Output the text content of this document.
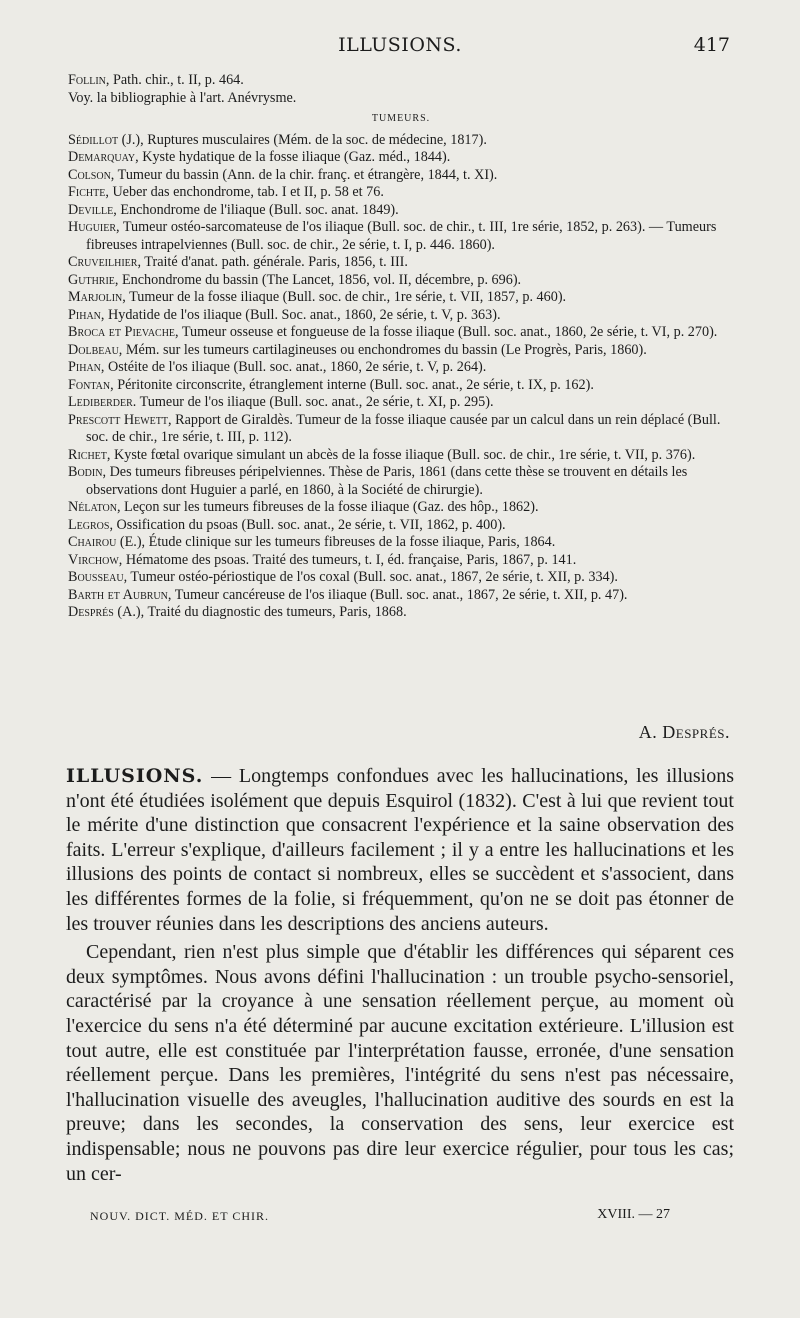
ILLUSIONS.	417

Follin, Path. chir., t. II, p. 464.

Voy. la bibliographie à l'art. Anévrysme.

TUMEURS.

Sédillot (J.), Ruptures musculaires (Mém. de la soc. de médecine, 1817).

Demarquay, Kyste hydatique de la fosse iliaque (Gaz. méd., 1844).

Colson, Tumeur du bassin (Ann. de la chir. franç. et étrangère, 1844, t. XI).

Fichte, Ueber das enchondrome, tab. I et II, p. 58 et 76.

Deville, Enchondrome de l'iliaque (Bull. soc. anat. 1849).

Huguier, Tumeur ostéo-sarcomateuse de l'os iliaque (Bull. soc. de chir., t. III, 1re série, 1852, p. 263). — Tumeurs fibreuses intrapelviennes (Bull. soc. de chir., 2e série, t. I, p. 446. 1860).

Cruveilhier, Traité d'anat. path. générale. Paris, 1856, t. III.

Guthrie, Enchondrome du bassin (The Lancet, 1856, vol. II, décembre, p. 696).

Marjolin, Tumeur de la fosse iliaque (Bull. soc. de chir., 1re série, t. VII, 1857, p. 460).

Pihan, Hydatide de l'os iliaque (Bull. Soc. anat., 1860, 2e série, t. V, p. 363).

Broca et Pievache, Tumeur osseuse et fongueuse de la fosse iliaque (Bull. soc. anat., 1860, 2e série, t. VI, p. 270).

Dolbeau, Mém. sur les tumeurs cartilagineuses ou enchondromes du bassin (Le Progrès, Paris, 1860).

Pihan, Ostéite de l'os iliaque (Bull. soc. anat., 1860, 2e série, t. V, p. 264).

Fontan, Péritonite circonscrite, étranglement interne (Bull. soc. anat., 2e série, t. IX, p. 162).

Lediberder. Tumeur de l'os iliaque (Bull. soc. anat., 2e série, t. XI, p. 295).

Prescott Hewett, Rapport de Giraldès. Tumeur de la fosse iliaque causée par un calcul dans un rein déplacé (Bull. soc. de chir., 1re série, t. III, p. 112).

Richet, Kyste fœtal ovarique simulant un abcès de la fosse iliaque (Bull. soc. de chir., 1re série, t. VII, p. 376).

Bodin, Des tumeurs fibreuses péripelviennes. Thèse de Paris, 1861 (dans cette thèse se trouvent en détails les observations dont Huguier a parlé, en 1860, à la Société de chirurgie).

Nélaton, Leçon sur les tumeurs fibreuses de la fosse iliaque (Gaz. des hôp., 1862).

Legros, Ossification du psoas (Bull. soc. anat., 2e série, t. VII, 1862, p. 400).

Chairou (E.), Étude clinique sur les tumeurs fibreuses de la fosse iliaque, Paris, 1864.

Virchow, Hématome des psoas. Traité des tumeurs, t. I, éd. française, Paris, 1867, p. 141.

Bousseau, Tumeur ostéo-périostique de l'os coxal (Bull. soc. anat., 1867, 2e série, t. XII, p. 334).

Barth et Aubrun, Tumeur cancéreuse de l'os iliaque (Bull. soc. anat., 1867, 2e série, t. XII, p. 47).

Després (A.), Traité du diagnostic des tumeurs, Paris, 1868.

A. Després.

ILLUSIONS. — Longtemps confondues avec les hallucinations, les illusions n'ont été étudiées isolément que depuis Esquirol (1832). C'est à lui que revient tout le mérite d'une distinction que consacrent l'expérience et la saine observation des faits. L'erreur s'explique, d'ailleurs facilement ; il y a entre les hallucinations et les illusions des points de contact si nombreux, elles se succèdent et s'associent, dans les différentes formes de la folie, si fréquemment, qu'on ne se doit pas étonner de les trouver réunies dans les descriptions des anciens auteurs.

Cependant, rien n'est plus simple que d'établir les différences qui séparent ces deux symptômes. Nous avons défini l'hallucination : un trouble psycho-sensoriel, caractérisé par la croyance à une sensation réellement perçue, au moment où l'exercice du sens n'a été déterminé par aucune excitation extérieure. L'illusion est tout autre, elle est constituée par l'interprétation fausse, erronée, d'une sensation réellement perçue. Dans les premières, l'intégrité du sens n'est pas nécessaire, l'hallucination visuelle des aveugles, l'hallucination auditive des sourds en est la preuve; dans les secondes, la conservation des sens, leur exercice est indispensable; nous ne pouvons pas dire leur exercice régulier, pour tous les cas; un cer-

NOUV. DICT. MÉD. ET CHIR.	XVIII. — 27
